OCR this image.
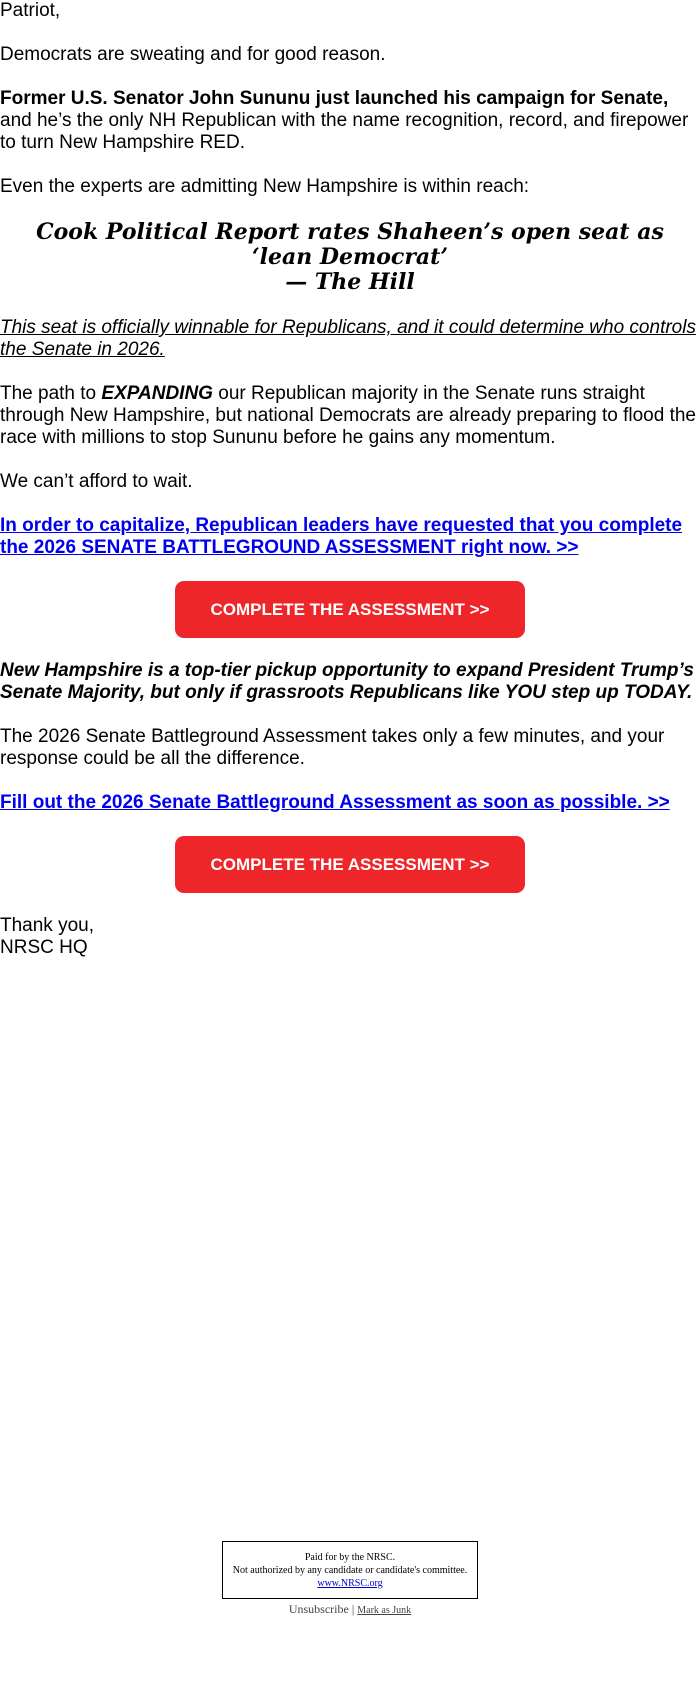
Patriot,

Democrats are sweating and for good reason.

Former U.S. Senator John Sununu just launched his campaign for Senate, and he’s the only NH Republican with the name recognition, record, and firepower to turn New Hampshire RED.

Even the experts are admitting New Hampshire is within reach:

Cook Political Report rates Shaheen’s open seat as ‘lean Democrat’
— The Hill

This seat is officially winnable for Republicans, and it could determine who controls the Senate in 2026.

The path to EXPANDING our Republican majority in the Senate runs straight through New Hampshire, but national Democrats are already preparing to flood the race with millions to stop Sununu before he gains any momentum.

We can’t afford to wait.

In order to capitalize, Republican leaders have requested that you complete the 2026 SENATE BATTLEGROUND ASSESSMENT right now. >>

COMPLETE THE ASSESSMENT >>

New Hampshire is a top-tier pickup opportunity to expand President Trump’s Senate Majority, but only if grassroots Republicans like YOU step up TODAY.

The 2026 Senate Battleground Assessment takes only a few minutes, and your response could be all the difference.

Fill out the 2026 Senate Battleground Assessment as soon as possible. >>

COMPLETE THE ASSESSMENT >>

Thank you,
NRSC HQ

Paid for by the NRSC.
Not authorized by any candidate or candidate's committee.
www.NRSC.org
Unsubscribe | Mark as Junk
